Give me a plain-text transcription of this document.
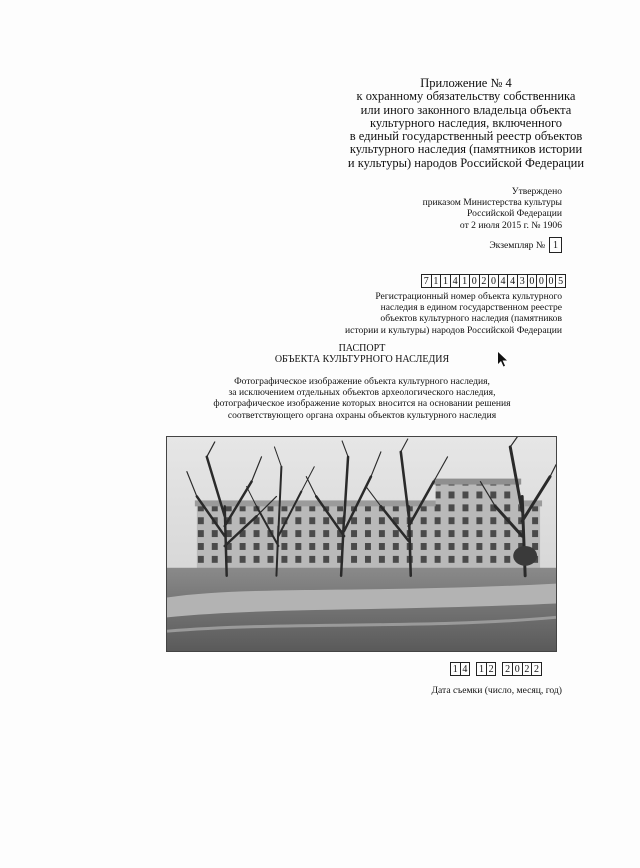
Приложение № 4
к охранному обязательству собственника
или иного законного владельца объекта
культурного наследия, включенного
в единый государственный реестр объектов
культурного наследия (памятников истории
и культуры) народов Российской Федерации
Утверждено
приказом Министерства культуры
Российской Федерации
от 2 июля 2015 г. № 1906
Экземпляр № 1
7 1 1 4 1 0 2 0 4 4 3 0 0 0 5
Регистрационный номер объекта культурного
наследия в едином государственном реестре
объектов культурного наследия (памятников
истории и культуры) народов Российской Федерации
ПАСПОРТ
ОБЪЕКТА КУЛЬТУРНОГО НАСЛЕДИЯ
Фотографическое изображение объекта культурного наследия,
за исключением отдельных объектов археологического наследия,
фотографическое изображение которых вносится на основании решения
соответствующего органа охраны объектов культурного наследия
1 4 1 2 2 0 2 2
Дата съемки (число, месяц, год)
